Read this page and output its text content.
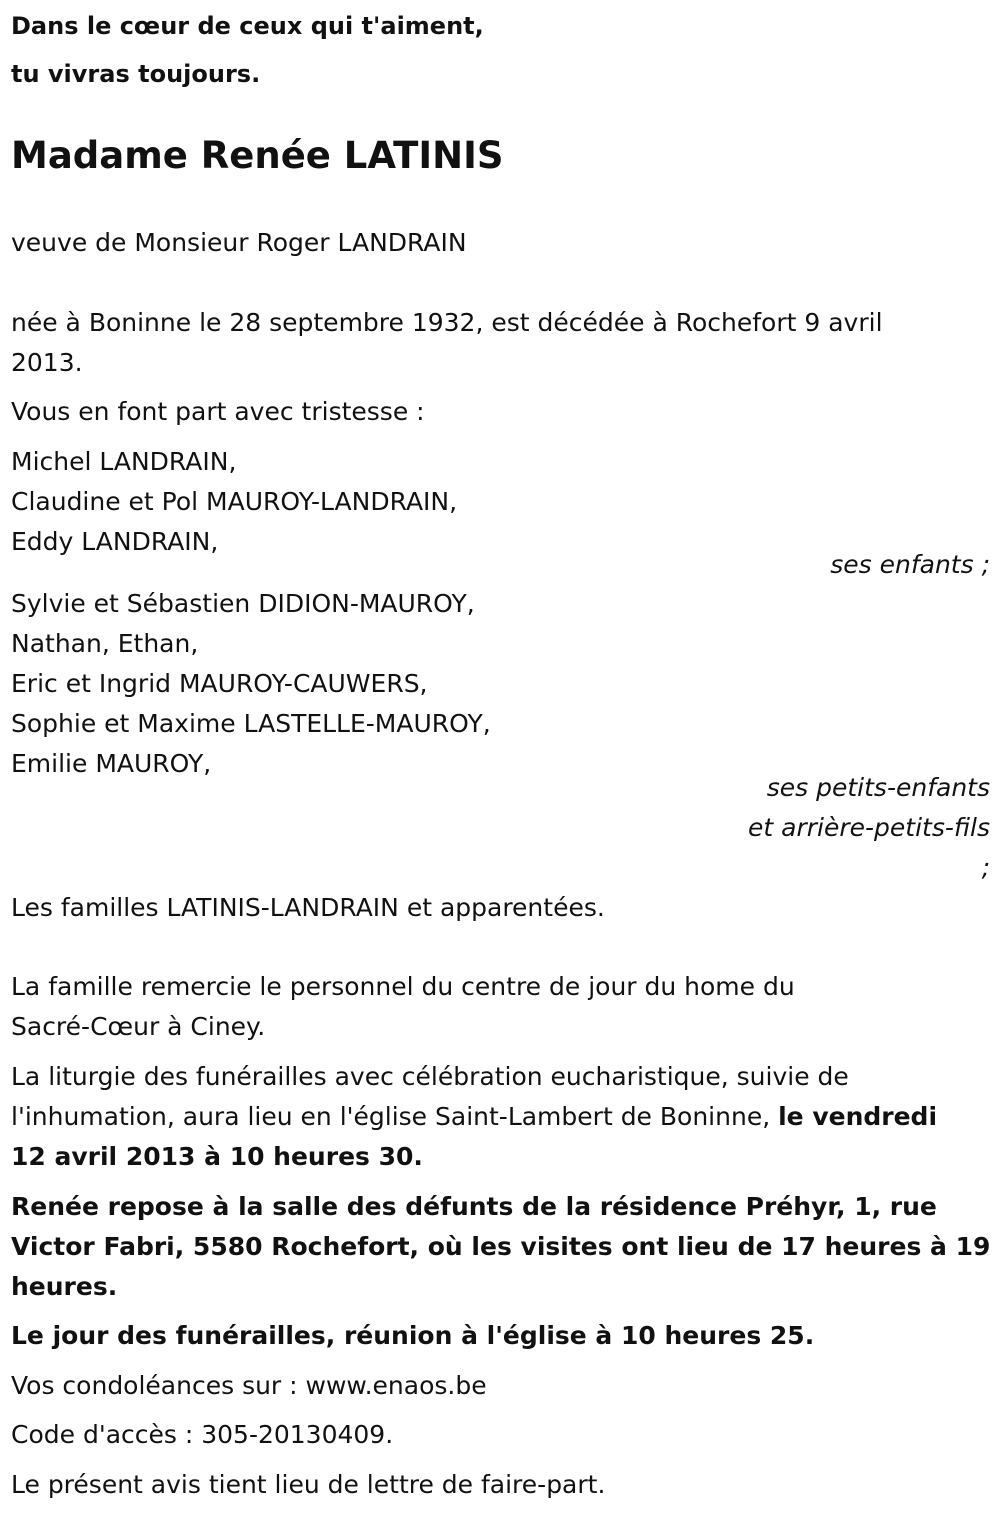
Dans le cœur de ceux qui t'aiment,
tu vivras toujours.
Madame Renée LATINIS
veuve de Monsieur Roger LANDRAIN
née à Boninne le 28 septembre 1932, est décédée à Rochefort 9 avril
2013.
Vous en font part avec tristesse :
Michel LANDRAIN,
Claudine et Pol MAUROY-LANDRAIN,
Eddy LANDRAIN,
ses enfants ;
Sylvie et Sébastien DIDION-MAUROY,
Nathan, Ethan,
Eric et Ingrid MAUROY-CAUWERS,
Sophie et Maxime LASTELLE-MAUROY,
Emilie MAUROY,
ses petits-enfants
et arrière-petits-fils
;
Les familles LATINIS-LANDRAIN et apparentées.
La famille remercie le personnel du centre de jour du home du
Sacré-Cœur à Ciney.
La liturgie des funérailles avec célébration eucharistique, suivie de
l'inhumation, aura lieu en l'église Saint-Lambert de Boninne, le vendredi
12 avril 2013 à 10 heures 30.
Renée repose à la salle des défunts de la résidence Préhyr, 1, rue
Victor Fabri, 5580 Rochefort, où les visites ont lieu de 17 heures à 19
heures.
Le jour des funérailles, réunion à l'église à 10 heures 25.
Vos condoléances sur : www.enaos.be
Code d'accès : 305-20130409.
Le présent avis tient lieu de lettre de faire-part.
